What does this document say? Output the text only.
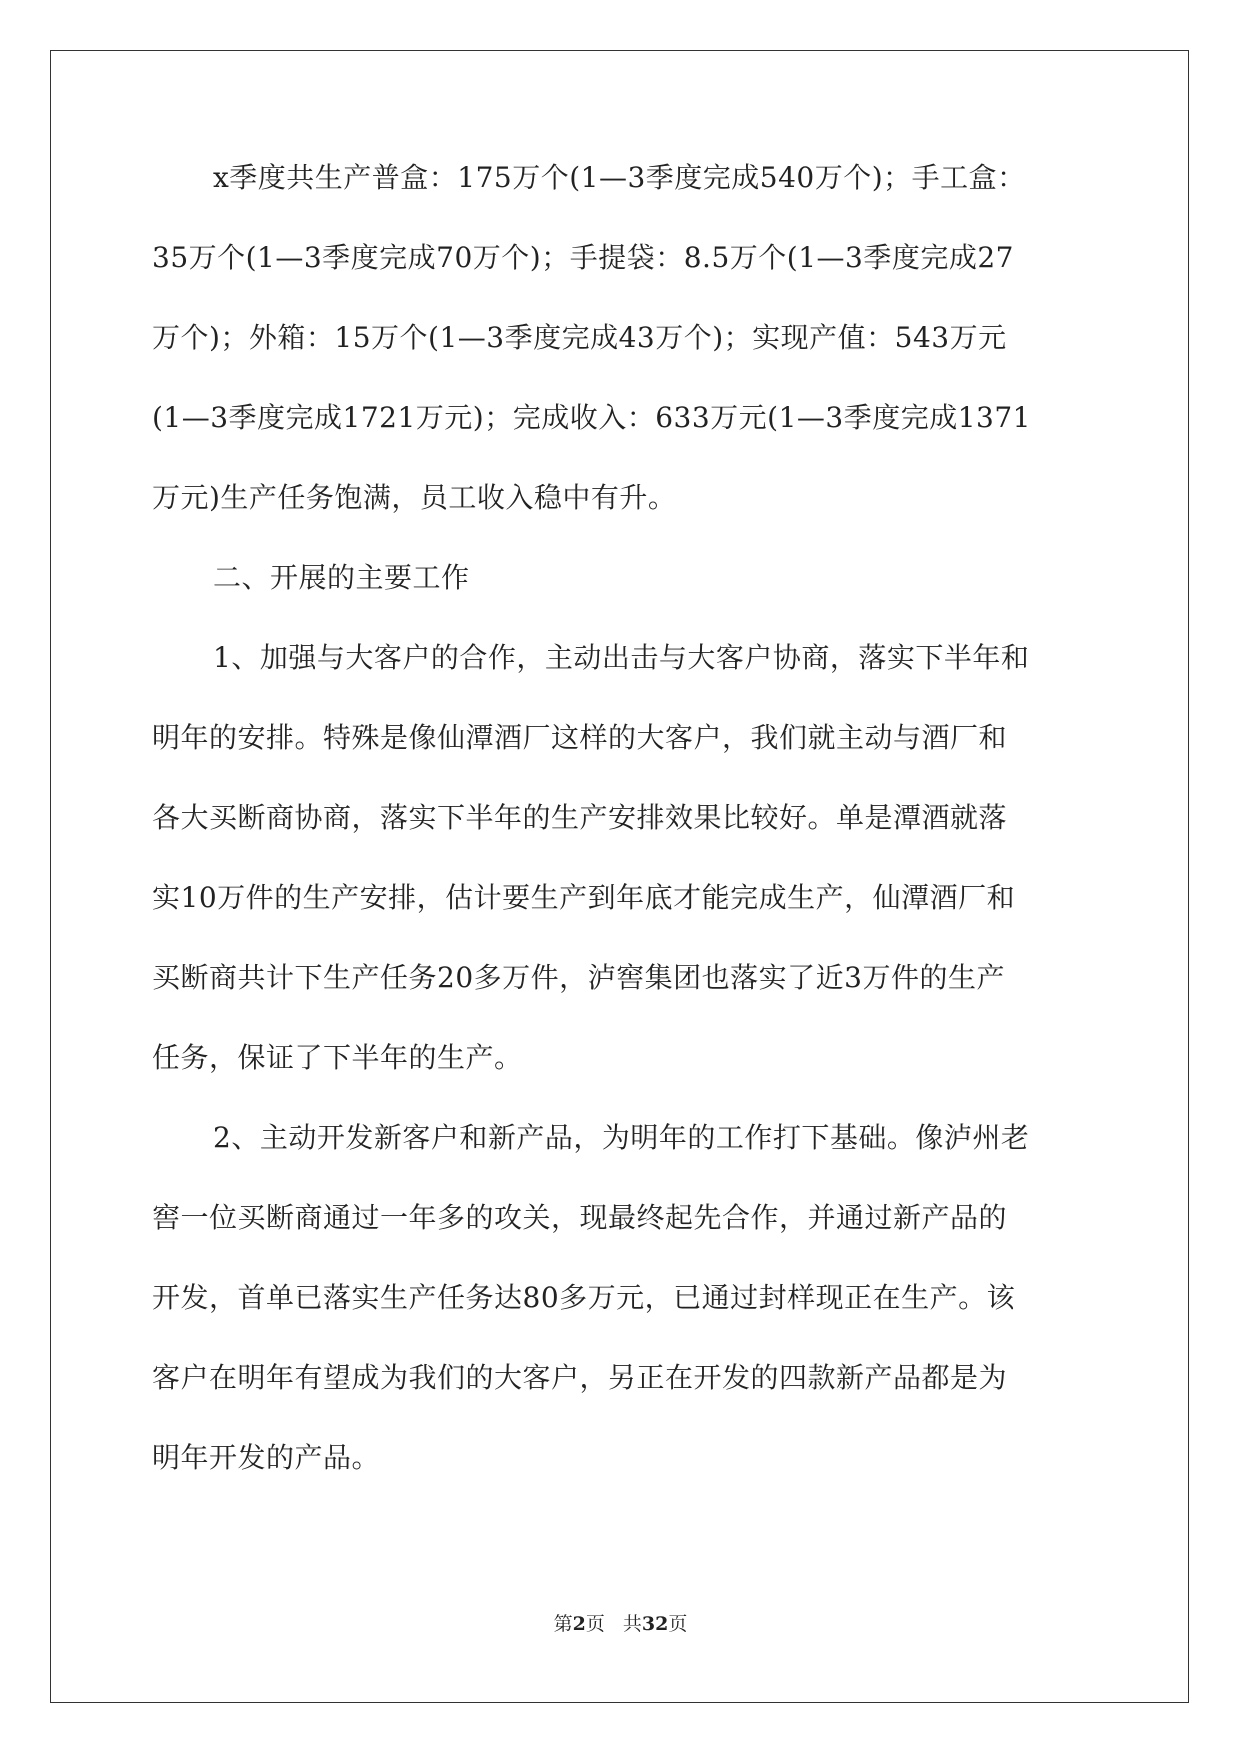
x季度共生产普盒：175万个(1—3季度完成540万个)；手工盒：
35万个(1—3季度完成70万个)；手提袋：8.5万个(1—3季度完成27
万个)；外箱：15万个(1—3季度完成43万个)；实现产值：543万元
(1—3季度完成1721万元)；完成收入：633万元(1—3季度完成1371
万元)生产任务饱满，员工收入稳中有升。
二、开展的主要工作
1、加强与大客户的合作，主动出击与大客户协商，落实下半年和
明年的安排。特殊是像仙潭酒厂这样的大客户，我们就主动与酒厂和
各大买断商协商，落实下半年的生产安排效果比较好。单是潭酒就落
实10万件的生产安排，估计要生产到年底才能完成生产，仙潭酒厂和
买断商共计下生产任务20多万件，泸窖集团也落实了近3万件的生产
任务，保证了下半年的生产。
2、主动开发新客户和新产品，为明年的工作打下基础。像泸州老
窖一位买断商通过一年多的攻关，现最终起先合作，并通过新产品的
开发，首单已落实生产任务达80多万元，已通过封样现正在生产。该
客户在明年有望成为我们的大客户，另正在开发的四款新产品都是为
明年开发的产品。
第2页 共32页
